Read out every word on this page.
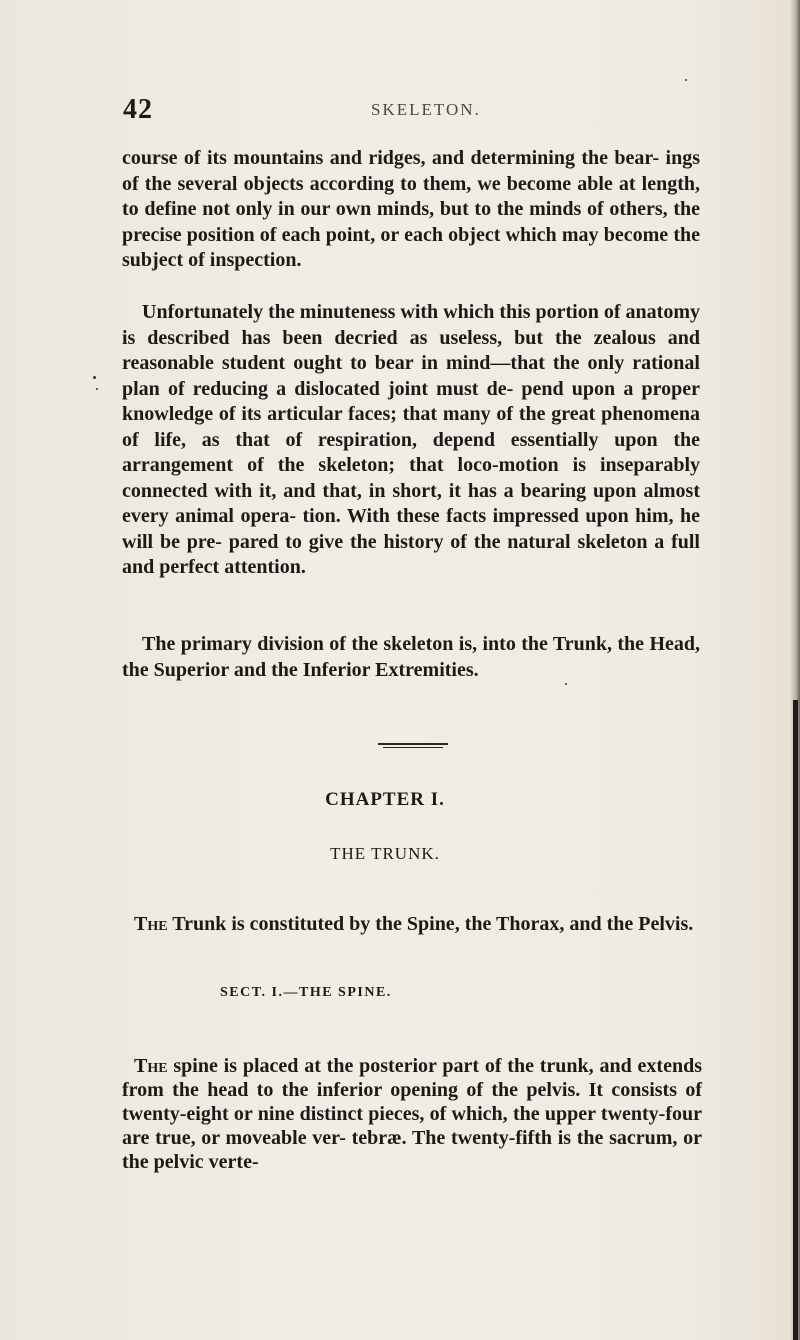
42	SKELETON.

course of its mountains and ridges, and determining the bear- ings of the several objects according to them, we become able at length, to define not only in our own minds, but to the minds of others, the precise position of each point, or each object which may become the subject of inspection.

Unfortunately the minuteness with which this portion of anatomy is described has been decried as useless, but the zealous and reasonable student ought to bear in mind—that the only rational plan of reducing a dislocated joint must de- pend upon a proper knowledge of its articular faces; that many of the great phenomena of life, as that of respiration, depend essentially upon the arrangement of the skeleton; that loco-motion is inseparably connected with it, and that, in short, it has a bearing upon almost every animal opera- tion. With these facts impressed upon him, he will be pre- pared to give the history of the natural skeleton a full and perfect attention.

The primary division of the skeleton is, into the Trunk, the Head, the Superior and the Inferior Extremities.

CHAPTER I.
THE TRUNK.

The Trunk is constituted by the Spine, the Thorax, and the Pelvis.

SECT. I.—THE SPINE.

The spine is placed at the posterior part of the trunk, and extends from the head to the inferior opening of the pelvis. It consists of twenty-eight or nine distinct pieces, of which, the upper twenty-four are true, or moveable ver- tebræ. The twenty-fifth is the sacrum, or the pelvic verte-
